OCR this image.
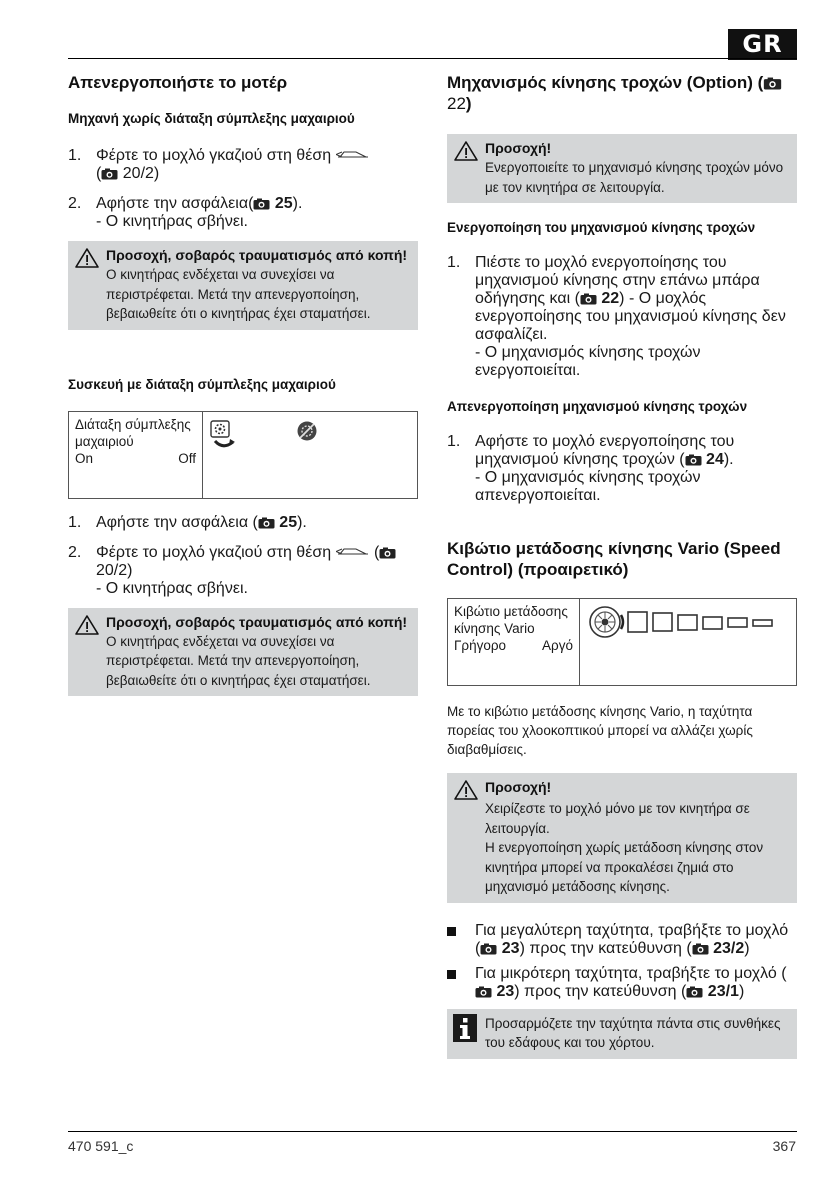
GR
Απενεργοποιήστε το μοτέρ
Μηχανή χωρίς διάταξη σύμπλεξης μαχαιριού
1. Φέρτε το μοχλό γκαζιού στη θέση
( 20/2)
2. Αφήστε την ασφάλεια( 25).
- Ο κινητήρας σβήνει.
Προσοχή, σοβαρός τραυματισμός από κοπή!
Ο κινητήρας ενδέχεται να συνεχίσει να περιστρέφεται. Μετά την απενεργοποίηση, βεβαιωθείτε ότι ο κινητήρας έχει σταματήσει.
Συσκευή με διάταξη σύμπλεξης μαχαιριού
Διάταξη σύμπλεξης μαχαιριού
On	Off
1. Αφήστε την ασφάλεια ( 25).
2. Φέρτε το μοχλό γκαζιού στη θέση  ( 20/2)
- Ο κινητήρας σβήνει.
Προσοχή, σοβαρός τραυματισμός από κοπή!
Ο κινητήρας ενδέχεται να συνεχίσει να περιστρέφεται. Μετά την απενεργοποίηση, βεβαιωθείτε ότι ο κινητήρας έχει σταματήσει.
Μηχανισμός κίνησης τροχών (Option) ( 22)
Προσοχή!
Ενεργοποιείτε το μηχανισμό κίνησης τροχών μόνο με τον κινητήρα σε λειτουργία.
Ενεργοποίηση του μηχανισμού κίνησης τροχών
1. Πιέστε το μοχλό ενεργοποίησης του μηχανισμού κίνησης στην επάνω μπάρα οδήγησης και ( 22) - Ο μοχλός ενεργοποίησης του μηχανισμού κίνησης δεν ασφαλίζει.
- Ο μηχανισμός κίνησης τροχών ενεργοποιείται.
Απενεργοποίηση μηχανισμού κίνησης τροχών
1. Αφήστε το μοχλό ενεργοποίησης του μηχανισμού κίνησης τροχών ( 24).
- Ο μηχανισμός κίνησης τροχών απενεργοποιείται.
Κιβώτιο μετάδοσης κίνησης Vario (Speed Control) (προαιρετικό)
Κιβώτιο μετάδοσης κίνησης Vario
Γρήγορο	Αργό

Με το κιβώτιο μετάδοσης κίνησης Vario, η ταχύτητα πορείας του χλοοκοπτικού μπορεί να αλλάζει χωρίς διαβαθμίσεις.

Προσοχή!
Χειρίζεστε το μοχλό μόνο με τον κινητήρα σε λειτουργία.
Η ενεργοποίηση χωρίς μετάδοση κίνησης στον κινητήρα μπορεί να προκαλέσει ζημιά στο μηχανισμό μετάδοσης κίνησης.
Για μεγαλύτερη ταχύτητα, τραβήξτε το μοχλό ( 23) προς την κατεύθυνση ( 23/2)
Για μικρότερη ταχύτητα, τραβήξτε το μοχλό ( 23) προς την κατεύθυνση ( 23/1)
Προσαρμόζετε την ταχύτητα πάντα στις συνθήκες του εδάφους και του χόρτου.
470 591_c	367
